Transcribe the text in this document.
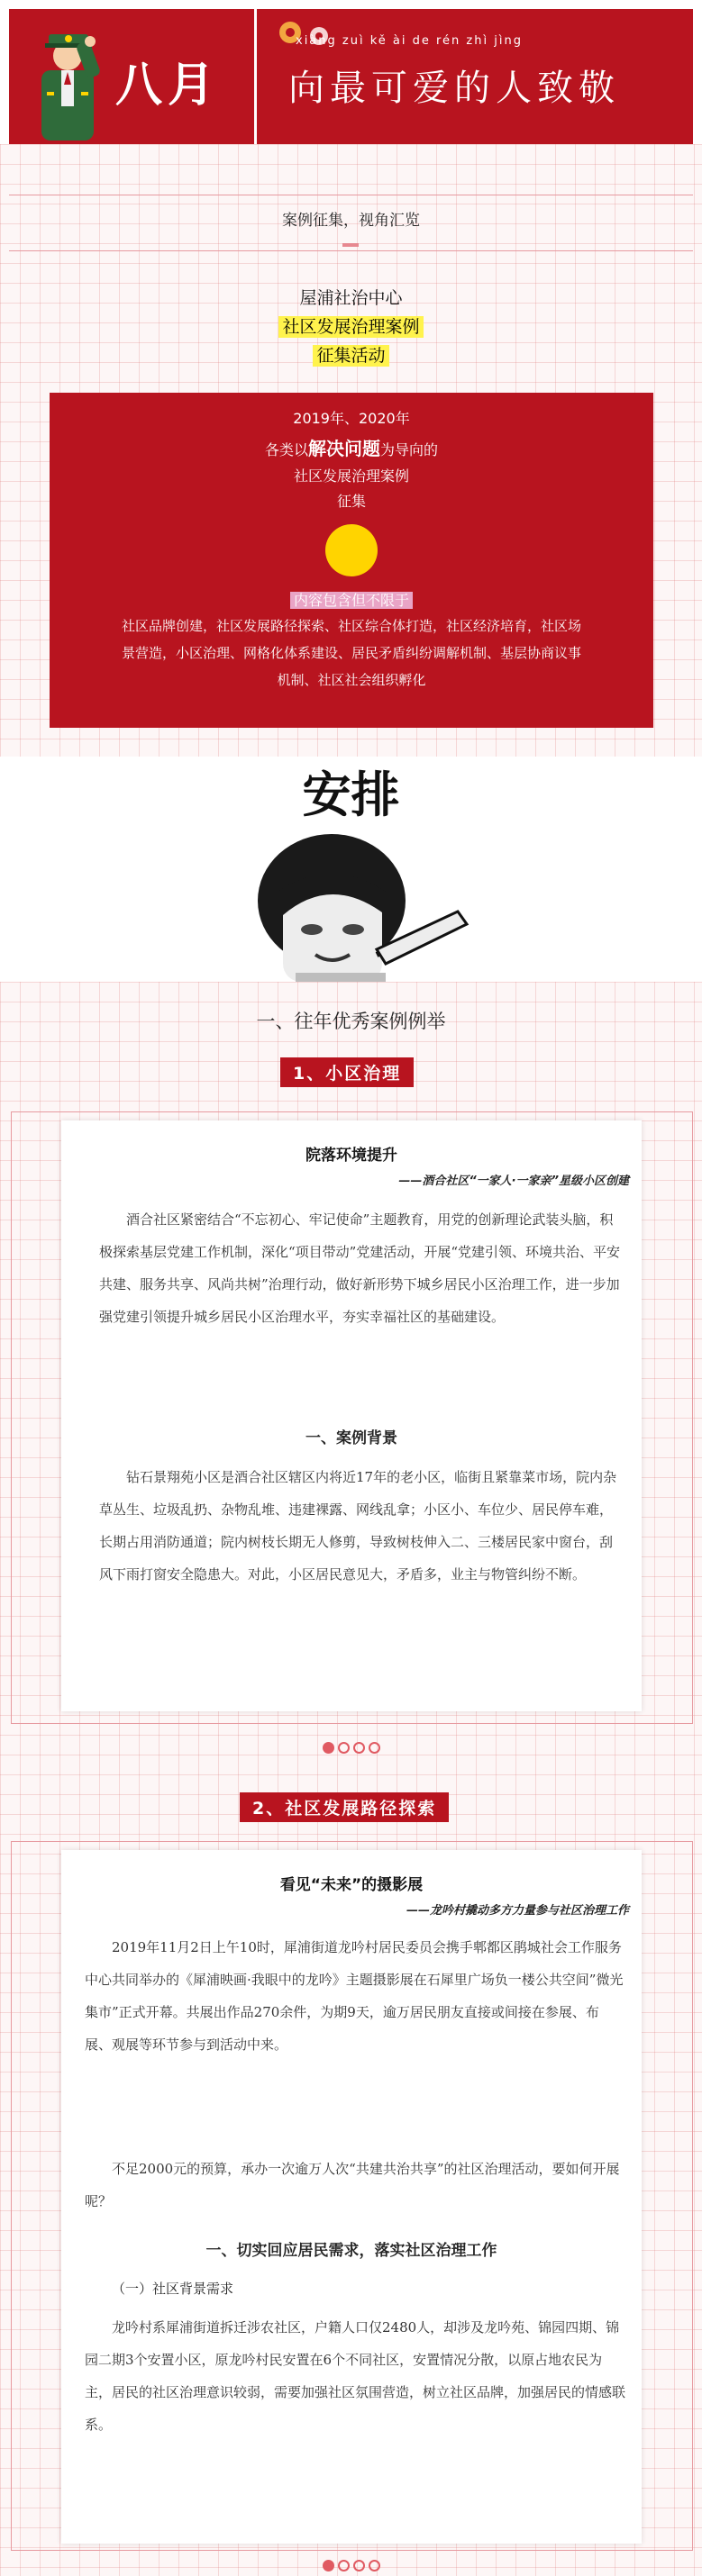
八月
xiàng zuì kě ài de rén zhì jìng
向最可爱的人致敬
案例征集，视角汇览
屋浦社治中心
社区发展治理案例
征集活动
2019年、2020年
各类以解决问题为导向的
社区发展治理案例
征集
内容包含但不限于
社区品牌创建，社区发展路径探索、社区综合体打造，社区经济培育，社区场
景营造，小区治理、网格化体系建设、居民矛盾纠纷调解机制、基层协商议事
机制、社区社会组织孵化
安排
一、往年优秀案例例举
1、小区治理
院落环境提升
——酒合社区“一家人·一家亲”星级小区创建
酒合社区紧密结合“不忘初心、牢记使命”主题教育，用党的创新理论武装头脑，积极探索基层党建工作机制，深化“项目带动”党建活动，开展“党建引领、环境共治、平安共建、服务共享、风尚共树”治理行动，做好新形势下城乡居民小区治理工作，进一步加强党建引领提升城乡居民小区治理水平，夯实幸福社区的基础建设。
一、案例背景
钻石景翔苑小区是酒合社区辖区内将近17年的老小区，临街且紧靠菜市场，院内杂草丛生、垃圾乱扔、杂物乱堆、违建裸露、网线乱拿；小区小、车位少、居民停车难，长期占用消防通道；院内树枝长期无人修剪，导致树枝伸入二、三楼居民家中窗台，刮风下雨打窗安全隐患大。对此，小区居民意见大，矛盾多，业主与物管纠纷不断。
2、社区发展路径探索
看见“未来”的摄影展
——龙吟村撬动多方力量参与社区治理工作
2019年11月2日上午10时，犀浦街道龙吟村居民委员会携手郫都区鹃城社会工作服务中心共同举办的《犀浦映画·我眼中的龙吟》主题摄影展在石犀里广场负一楼公共空间”微光集市”正式开幕。共展出作品270余件，为期9天，逾万居民朋友直接或间接在参展、布展、观展等环节参与到活动中来。
不足2000元的预算，承办一次逾万人次“共建共治共享”的社区治理活动，要如何开展呢？
一、切实回应居民需求，落实社区治理工作
（一）社区背景需求
龙吟村系犀浦街道拆迁涉农社区，户籍人口仅2480人，却涉及龙吟苑、锦园四期、锦园二期3个安置小区，原龙吟村民安置在6个不同社区，安置情况分散，以原占地农民为主，居民的社区治理意识较弱，需要加强社区氛围营造，树立社区品牌，加强居民的情感联系。
